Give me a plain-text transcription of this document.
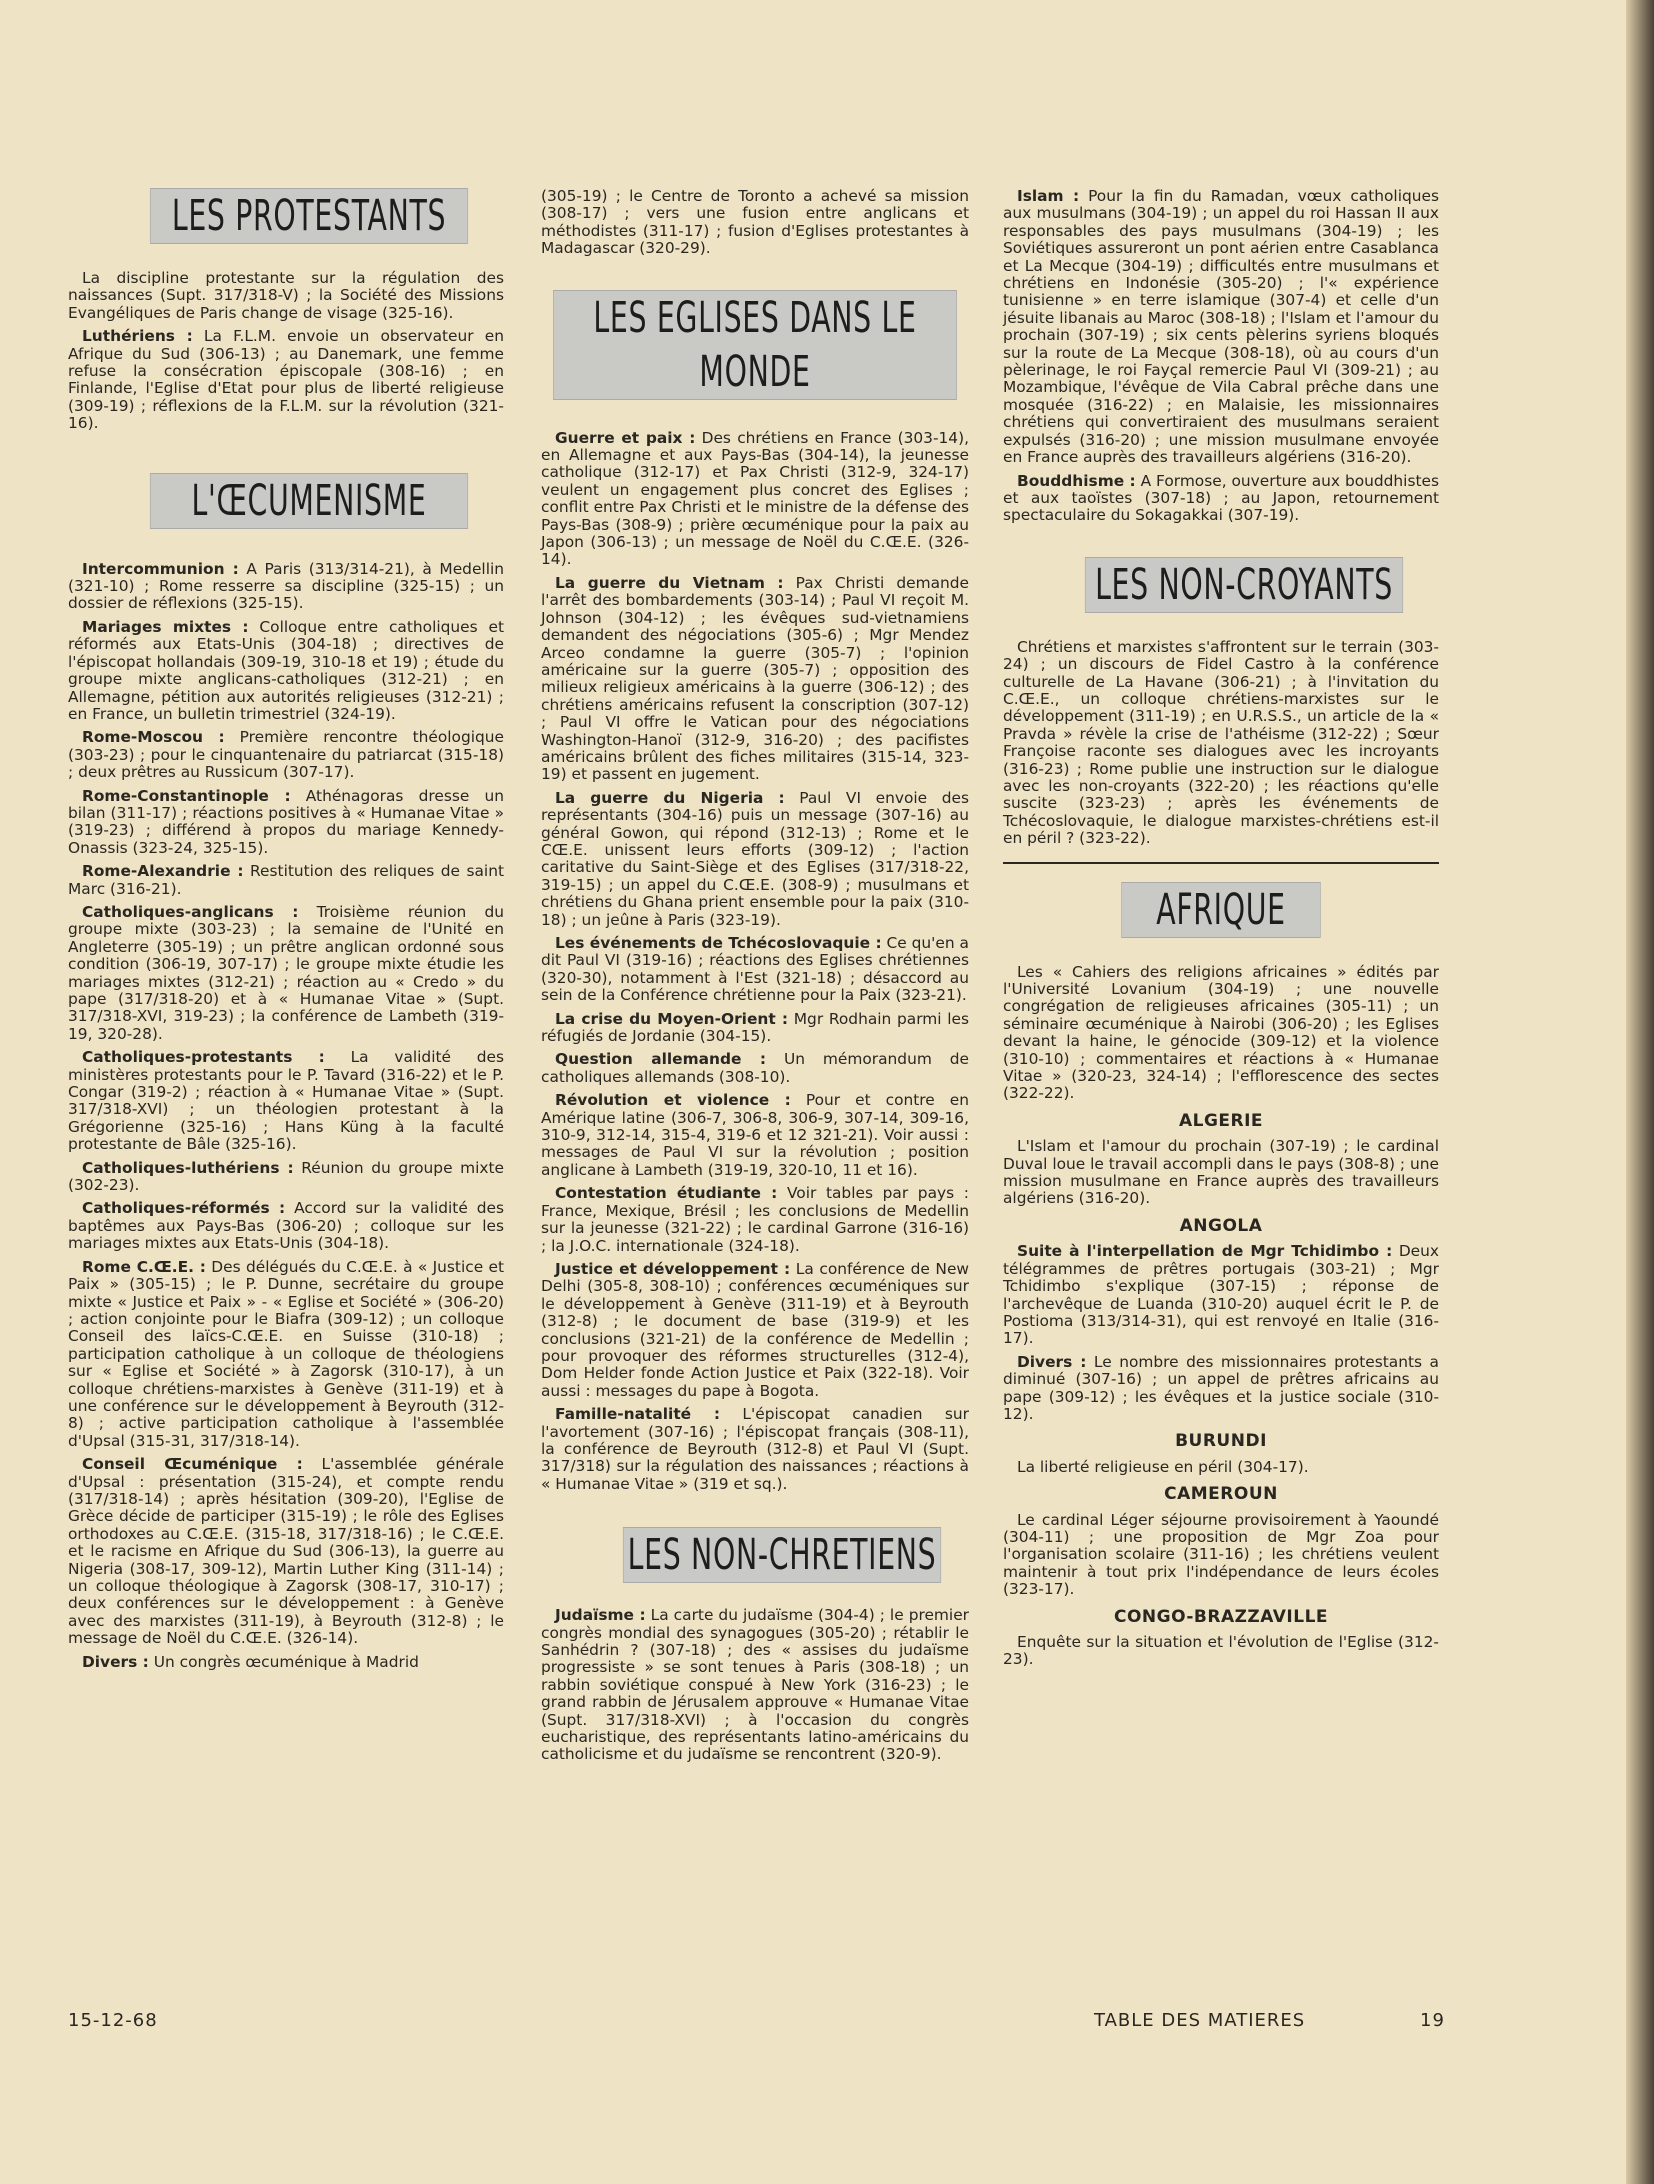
LES PROTESTANTS

La discipline protestante sur la régulation des naissances (Supt. 317/318-V) ; la Société des Missions Evangéliques de Paris change de visage (325-16).

Luthériens : La F.L.M. envoie un observateur en Afrique du Sud (306-13) ; au Danemark, une femme refuse la consécration épiscopale (308-16) ; en Finlande, l'Eglise d'Etat pour plus de liberté religieuse (309-19) ; réflexions de la F.L.M. sur la révolution (321-16).

L'ŒCUMENISME

Intercommunion : A Paris (313/314-21), à Medellin (321-10) ; Rome resserre sa discipline (325-15) ; un dossier de réflexions (325-15).

Mariages mixtes : Colloque entre catholiques et réformés aux Etats-Unis (304-18) ; directives de l'épiscopat hollandais (309-19, 310-18 et 19) ; étude du groupe mixte anglicans-catholiques (312-21) ; en Allemagne, pétition aux autorités religieuses (312-21) ; en France, un bulletin trimestriel (324-19).

Rome-Moscou : Première rencontre théologique (303-23) ; pour le cinquantenaire du patriarcat (315-18) ; deux prêtres au Russicum (307-17).

Rome-Constantinople : Athénagoras dresse un bilan (311-17) ; réactions positives à « Humanae Vitae » (319-23) ; différend à propos du mariage Kennedy-Onassis (323-24, 325-15).

Rome-Alexandrie : Restitution des reliques de saint Marc (316-21).

Catholiques-anglicans : Troisième réunion du groupe mixte (303-23) ; la semaine de l'Unité en Angleterre (305-19) ; un prêtre anglican ordonné sous condition (306-19, 307-17) ; le groupe mixte étudie les mariages mixtes (312-21) ; réaction au « Credo » du pape (317/318-20) et à « Humanae Vitae » (Supt. 317/318-XVI, 319-23) ; la conférence de Lambeth (319-19, 320-28).

Catholiques-protestants : La validité des ministères protestants pour le P. Tavard (316-22) et le P. Congar (319-2) ; réaction à « Humanae Vitae » (Supt. 317/318-XVI) ; un théologien protestant à la Grégorienne (325-16) ; Hans Küng à la faculté protestante de Bâle (325-16).

Catholiques-luthériens : Réunion du groupe mixte (302-23).

Catholiques-réformés : Accord sur la validité des baptêmes aux Pays-Bas (306-20) ; colloque sur les mariages mixtes aux Etats-Unis (304-18).

Rome C.Œ.E. : Des délégués du C.Œ.E. à « Justice et Paix » (305-15) ; le P. Dunne, secrétaire du groupe mixte « Justice et Paix » - « Eglise et Société » (306-20) ; action conjointe pour le Biafra (309-12) ; un colloque Conseil des laïcs-C.Œ.E. en Suisse (310-18) ; participation catholique à un colloque de théologiens sur « Eglise et Société » à Zagorsk (310-17), à un colloque chrétiens-marxistes à Genève (311-19) et à une conférence sur le développement à Beyrouth (312-8) ; active participation catholique à l'assemblée d'Upsal (315-31, 317/318-14).

Conseil Œcuménique : L'assemblée générale d'Upsal : présentation (315-24), et compte rendu (317/318-14) ; après hésitation (309-20), l'Eglise de Grèce décide de participer (315-19) ; le rôle des Eglises orthodoxes au C.Œ.E. (315-18, 317/318-16) ; le C.Œ.E. et le racisme en Afrique du Sud (306-13), la guerre au Nigeria (308-17, 309-12), Martin Luther King (311-14) ; un colloque théologique à Zagorsk (308-17, 310-17) ; deux conférences sur le développement : à Genève avec des marxistes (311-19), à Beyrouth (312-8) ; le message de Noël du C.Œ.E. (326-14).

Divers : Un congrès œcuménique à Madrid

(305-19) ; le Centre de Toronto a achevé sa mission (308-17) ; vers une fusion entre anglicans et méthodistes (311-17) ; fusion d'Eglises protestantes à Madagascar (320-29).

LES EGLISES DANS LE MONDE

Guerre et paix : Des chrétiens en France (303-14), en Allemagne et aux Pays-Bas (304-14), la jeunesse catholique (312-17) et Pax Christi (312-9, 324-17) veulent un engagement plus concret des Eglises ; conflit entre Pax Christi et le ministre de la défense des Pays-Bas (308-9) ; prière œcuménique pour la paix au Japon (306-13) ; un message de Noël du C.Œ.E. (326-14).

La guerre du Vietnam : Pax Christi demande l'arrêt des bombardements (303-14) ; Paul VI reçoit M. Johnson (304-12) ; les évêques sud-vietnamiens demandent des négociations (305-6) ; Mgr Mendez Arceo condamne la guerre (305-7) ; l'opinion américaine sur la guerre (305-7) ; opposition des milieux religieux américains à la guerre (306-12) ; des chrétiens américains refusent la conscription (307-12) ; Paul VI offre le Vatican pour des négociations Washington-Hanoï (312-9, 316-20) ; des pacifistes américains brûlent des fiches militaires (315-14, 323-19) et passent en jugement.

La guerre du Nigeria : Paul VI envoie des représentants (304-16) puis un message (307-16) au général Gowon, qui répond (312-13) ; Rome et le CŒ.E. unissent leurs efforts (309-12) ; l'action caritative du Saint-Siège et des Eglises (317/318-22, 319-15) ; un appel du C.Œ.E. (308-9) ; musulmans et chrétiens du Ghana prient ensemble pour la paix (310-18) ; un jeûne à Paris (323-19).

Les événements de Tchécoslovaquie : Ce qu'en a dit Paul VI (319-16) ; réactions des Eglises chrétiennes (320-30), notamment à l'Est (321-18) ; désaccord au sein de la Conférence chrétienne pour la Paix (323-21).

La crise du Moyen-Orient : Mgr Rodhain parmi les réfugiés de Jordanie (304-15).

Question allemande : Un mémorandum de catholiques allemands (308-10).

Révolution et violence : Pour et contre en Amérique latine (306-7, 306-8, 306-9, 307-14, 309-16, 310-9, 312-14, 315-4, 319-6 et 12 321-21). Voir aussi : messages de Paul VI sur la révolution ; position anglicane à Lambeth (319-19, 320-10, 11 et 16).

Contestation étudiante : Voir tables par pays : France, Mexique, Brésil ; les conclusions de Medellin sur la jeunesse (321-22) ; le cardinal Garrone (316-16) ; la J.O.C. internationale (324-18).

Justice et développement : La conférence de New Delhi (305-8, 308-10) ; conférences œcuméniques sur le développement à Genève (311-19) et à Beyrouth (312-8) ; le document de base (319-9) et les conclusions (321-21) de la conférence de Medellin ; pour provoquer des réformes structurelles (312-4), Dom Helder fonde Action Justice et Paix (322-18). Voir aussi : messages du pape à Bogota.

Famille-natalité : L'épiscopat canadien sur l'avortement (307-16) ; l'épiscopat français (308-11), la conférence de Beyrouth (312-8) et Paul VI (Supt. 317/318) sur la régulation des naissances ; réactions à « Humanae Vitae » (319 et sq.).

LES NON-CHRETIENS

Judaïsme : La carte du judaïsme (304-4) ; le premier congrès mondial des synagogues (305-20) ; rétablir le Sanhédrin ? (307-18) ; des « assises du judaïsme progressiste » se sont tenues à Paris (308-18) ; un rabbin soviétique conspué à New York (316-23) ; le grand rabbin de Jérusalem approuve « Humanae Vitae (Supt. 317/318-XVI) ; à l'occasion du congrès eucharistique, des représentants latino-américains du catholicisme et du judaïsme se rencontrent (320-9).

Islam : Pour la fin du Ramadan, vœux catholiques aux musulmans (304-19) ; un appel du roi Hassan II aux responsables des pays musulmans (304-19) ; les Soviétiques assureront un pont aérien entre Casablanca et La Mecque (304-19) ; difficultés entre musulmans et chrétiens en Indonésie (305-20) ; l'« expérience tunisienne » en terre islamique (307-4) et celle d'un jésuite libanais au Maroc (308-18) ; l'Islam et l'amour du prochain (307-19) ; six cents pèlerins syriens bloqués sur la route de La Mecque (308-18), où au cours d'un pèlerinage, le roi Fayçal remercie Paul VI (309-21) ; au Mozambique, l'évêque de Vila Cabral prêche dans une mosquée (316-22) ; en Malaisie, les missionnaires chrétiens qui convertiraient des musulmans seraient expulsés (316-20) ; une mission musulmane envoyée en France auprès des travailleurs algériens (316-20).

Bouddhisme : A Formose, ouverture aux bouddhistes et aux taoïstes (307-18) ; au Japon, retournement spectaculaire du Sokagakkai (307-19).

LES NON-CROYANTS

Chrétiens et marxistes s'affrontent sur le terrain (303-24) ; un discours de Fidel Castro à la conférence culturelle de La Havane (306-21) ; à l'invitation du C.Œ.E., un colloque chrétiens-marxistes sur le développement (311-19) ; en U.R.S.S., un article de la « Pravda » révèle la crise de l'athéisme (312-22) ; Sœur Françoise raconte ses dialogues avec les incroyants (316-23) ; Rome publie une instruction sur le dialogue avec les non-croyants (322-20) ; les réactions qu'elle suscite (323-23) ; après les événements de Tchécoslovaquie, le dialogue marxistes-chrétiens est-il en péril ? (323-22).

AFRIQUE

Les « Cahiers des religions africaines » édités par l'Université Lovanium (304-19) ; une nouvelle congrégation de religieuses africaines (305-11) ; un séminaire œcuménique à Nairobi (306-20) ; les Eglises devant la haine, le génocide (309-12) et la violence (310-10) ; commentaires et réactions à « Humanae Vitae » (320-23, 324-14) ; l'efflorescence des sectes (322-22).

ALGERIE

L'Islam et l'amour du prochain (307-19) ; le cardinal Duval loue le travail accompli dans le pays (308-8) ; une mission musulmane en France auprès des travailleurs algériens (316-20).

ANGOLA

Suite à l'interpellation de Mgr Tchidimbo : Deux télégrammes de prêtres portugais (303-21) ; Mgr Tchidimbo s'explique (307-15) ; réponse de l'archevêque de Luanda (310-20) auquel écrit le P. de Postioma (313/314-31), qui est renvoyé en Italie (316-17).

Divers : Le nombre des missionnaires protestants a diminué (307-16) ; un appel de prêtres africains au pape (309-12) ; les évêques et la justice sociale (310-12).

BURUNDI

La liberté religieuse en péril (304-17).

CAMEROUN

Le cardinal Léger séjourne provisoirement à Yaoundé (304-11) ; une proposition de Mgr Zoa pour l'organisation scolaire (311-16) ; les chrétiens veulent maintenir à tout prix l'indépendance de leurs écoles (323-17).

CONGO-BRAZZAVILLE

Enquête sur la situation et l'évolution de l'Eglise (312-23).

15-12-68	TABLE DES MATIERES	19
